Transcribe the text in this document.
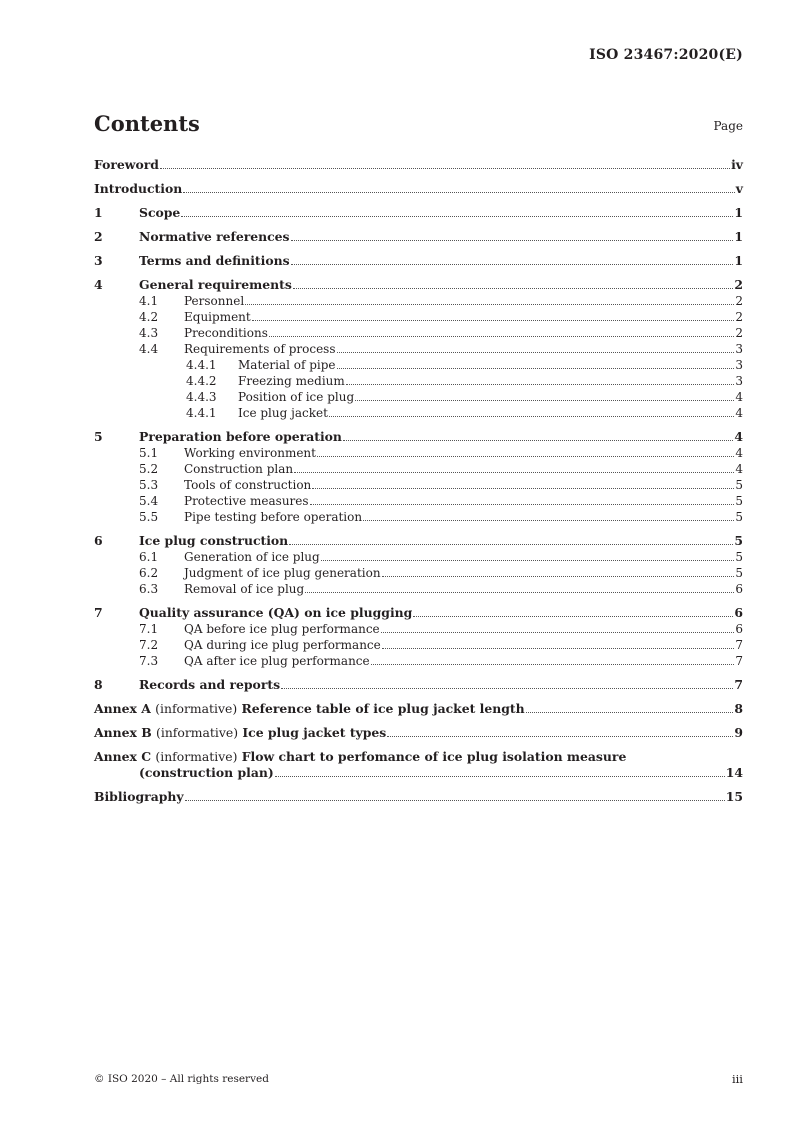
ISO 23467:2020(E)
Contents	Page
Foreword	iv
Introduction	v
1	Scope	1
2	Normative references	1
3	Terms and definitions	1
4	General requirements	2
4.1	Personnel	2
4.2	Equipment	2
4.3	Preconditions	2
4.4	Requirements of process	3
4.4.1	Material of pipe	3
4.4.2	Freezing medium	3
4.4.3	Position of ice plug	4
4.4.1	Ice plug jacket	4
5	Preparation before operation	4
5.1	Working environment	4
5.2	Construction plan	4
5.3	Tools of construction	5
5.4	Protective measures	5
5.5	Pipe testing before operation	5
6	Ice plug construction	5
6.1	Generation of ice plug	5
6.2	Judgment of ice plug generation	5
6.3	Removal of ice plug	6
7	Quality assurance (QA) on ice plugging	6
7.1	QA before ice plug performance	6
7.2	QA during ice plug performance	7
7.3	QA after ice plug performance	7
8	Records and reports	7
Annex A (informative) Reference table of ice plug jacket length	8
Annex B (informative) Ice plug jacket types	9
Annex C
(informative)
Flow chart to perfomance of ice plug isolation measure
(construction plan)	14
Bibliography	15
© ISO 2020 – All rights reserved	iii
